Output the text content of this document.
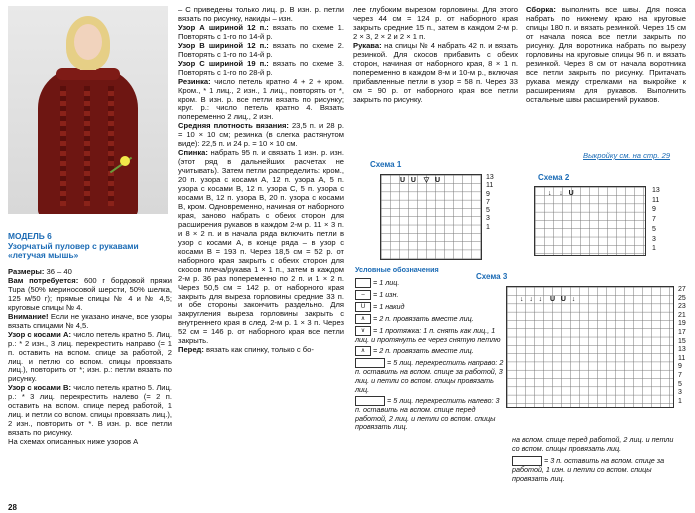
МОДЕЛЬ 6
Узорчатый пуловер с рукавами «летучая мышь»

Размеры: 36 – 40

Вам потребуется: 600 г бордовой пряжи Tupa (50% мериносовой шерсти, 50% шелка, 125 м/50 г); прямые спицы № 4 и № 4,5; круговые спицы № 4.

Внимание! Если не указано иначе, все узоры вязать спицами № 4,5.

Узор с косами А: число петель кратно 5. Лиц. р.: * 2 изн., 3 лиц. перекрестить направо (= 1 п. оставить на вспом. спице за работой, 2 лиц. и петлю со вспом. спицы провязать лиц.), повторить от *; изн. р.: петли вязать по рисунку.

Узор с косами В: число петель кратно 5. Лиц. р.: * 3 лиц. перекрестить налево (= 2 п. оставить на вспом. спице перед работой, 1 лиц. и петли со вспом. спицы провязать лиц.), 2 изн., повторить от *. В изн. р. все петли вязать по рисунку.

На схемах описанных ниже узоров А

– С приведены только лиц. р. В изн. р. петли вязать по рисунку, накиды – изн.

Узор А шириной 12 п.: вязать по схеме 1. Повторять с 1-го по 14-й р.

Узор В шириной 12 п.: вязать по схеме 2. Повторять с 1-го по 14-й р.

Узор С шириной 19 п.: вязать по схеме 3. Повторять с 1-го по 28-й р.

Резинка: число петель кратно 4 + 2 + кром. Кром., * 1 лиц., 2 изн., 1 лиц., повторять от *, кром. В изн. р. все петли вязать по рисунку; круг. р.: число петель кратно 4. Вязать попеременно 2 лиц., 2 изн.

Средняя плотность вязания: 23,5 п. и 28 р. = 10 × 10 см; резинка (в слегка растянутом виде): 22,5 п. и 24 р. = 10 × 10 см.

Спинка: набрать 95 п. и связать 1 изн. р. изн. (этот ряд в дальнейших расчетах не учитывать). Затем петли распределить: кром., 20 п. узора с косами А, 12 п. узора А, 5 п. узора с косами В, 12 п. узора С, 5 п. узора с косами В, 12 п. узора В, 20 п. узора с косами В, кром. Одновременно, начиная от наборного края, заново набрать с обеих сторон для расширения рукавов в каждом 2-м р. 11 × 3 п. и 8 × 2 п. и в начала ряда включить петли в узор с косами А, в конце ряда – в узор с косами В = 193 п. Через 18,5 см = 52 р. от наборного края закрыть с обеих сторон для скосов плеча/рукава 1 × 1 п., затем в каждом 2-м р. 36 раз попеременно по 2 п. и 1 × 2 п. Через 50,5 см = 142 р. от наборного края закрыть для выреза горловины средние 33 п. и обе стороны закончить раздельно. Для закругления выреза горловины закрыть с внутреннего края в след. 2-м р. 1 × 3 п. Через 52 см = 146 р. от наборного края все петли закрыть.

Перед: вязать как спинку, только с бо-

лее глубоким вырезом горловины. Для этого через 44 см = 124 р. от наборного края закрыть средние 15 п., затем в каждом 2-м р. 2 × 3, 2 × 2 и 2 × 1 п.

Рукава: на спицы № 4 набрать 42 п. и вязать резинкой. Для скосов прибавить с обеих сторон, начиная от наборного края, 8 × 1 п. попеременно в каждом 8-м и 10-м р., включая прибавленные петли в узор = 58 п. Через 33 см = 90 р. от наборного края все петли закрыть по рисунку.

Сборка: выполнить все швы. Для пояса набрать по нижнему краю на круговые спицы 180 п. и вязать резинкой. Через 15 см от начала пояса все петли закрыть по рисунку. Для воротника набрать по вырезу горловины на круговые спицы 96 п. и вязать резинкой. Через 8 см от начала воротника все петли закрыть по рисунку. Притачать рукава между стрелками на выкройке к расширениям для рукавов. Выполнить остальные швы расширений рукавов.

Выкройку см. на стр. 29
Схема 1
13
11
9
7
5
3
1
U   U    ▽   U	Схема 2
13
11
9
7
5
3
1
↓    ↓   U
Условные обозначения
= 1 лиц.
– = 1 изн.
U = 1 накид
∧ = 2 п. провязать вместе лиц.
∨ = 1 протяжка: 1 п. снять как лиц., 1 лиц. и протянуть ее через снятую петлю
∧ = 2 п. провязать вместе лиц.
= 5 лиц. перекрестить направо: 2 п. оставить на вспом. спице за работой, 3 лиц. и петли со вспом. спицы провязать лиц.
= 5 лиц. перекрестить налево: 3 п. оставить на вспом. спице перед работой, 2 лиц. и петли со вспом. спицы провязать лиц.
Схема 3
27
25
23
21
19
17
15
13
11
9
7
5
3
1
↓   ↓   ↓    U   U   ↓
на вспом. спице перед работой, 2 лиц. и петли со вспом. спицы провязать лиц.
= 3 п. оставить на вспом. спице за работой, 1 изн. и петли со вспом. спицы провязать лиц.
28
